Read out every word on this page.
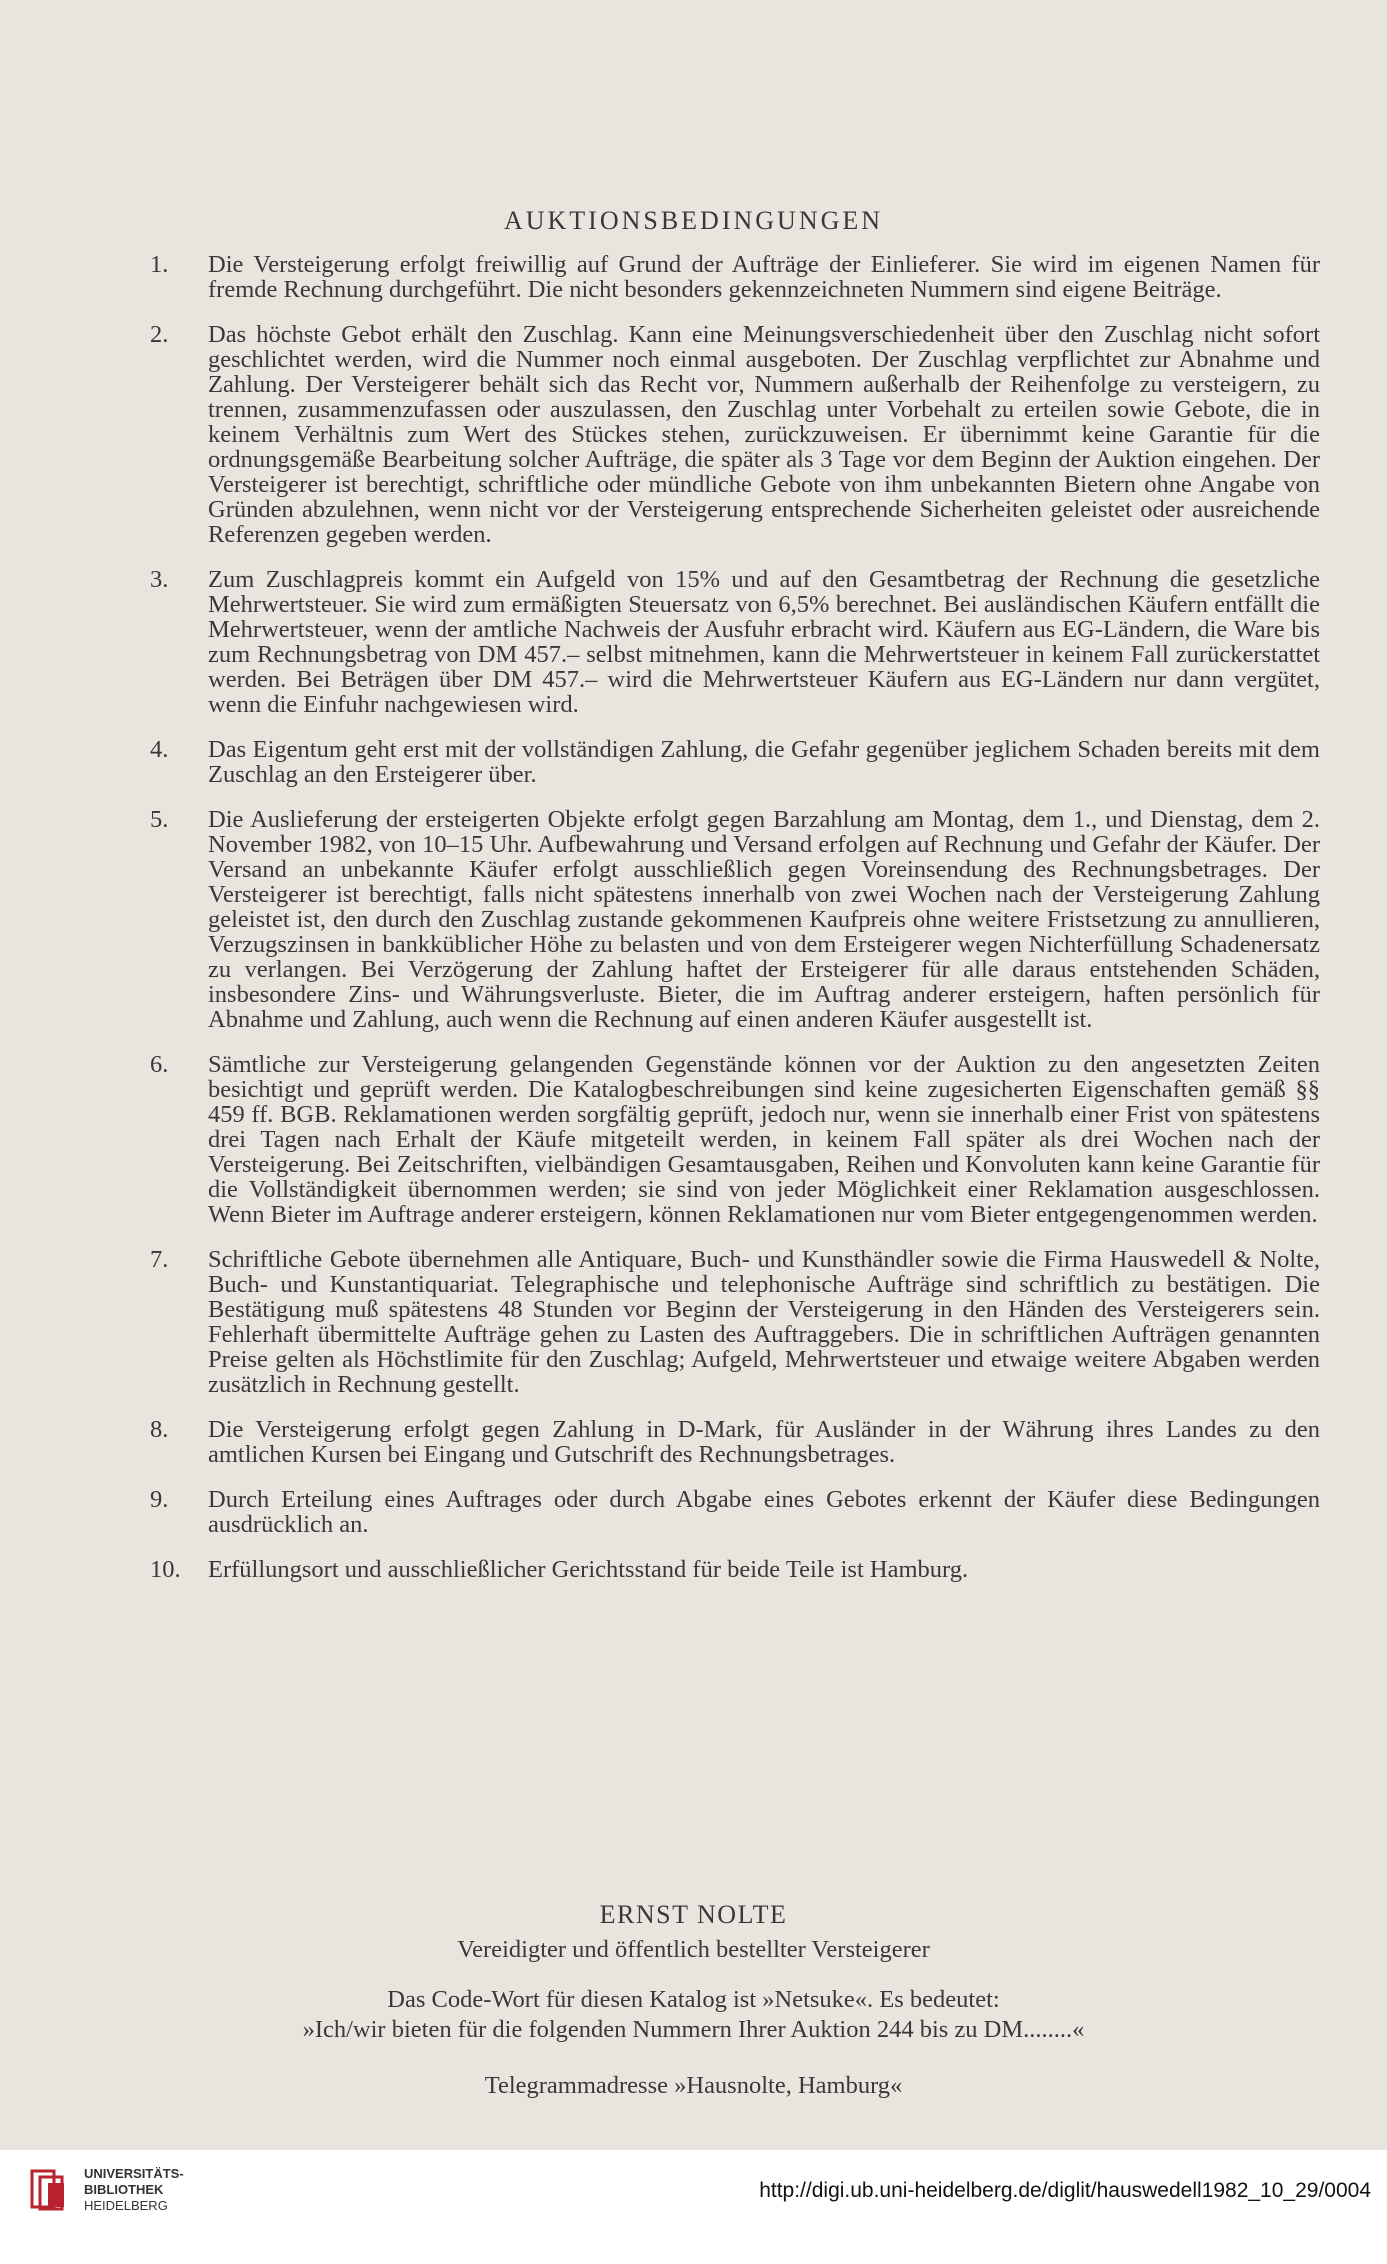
AUKTIONSBEDINGUNGEN
1.	Die Versteigerung erfolgt freiwillig auf Grund der Aufträge der Einlieferer. Sie wird im eigenen Namen für fremde Rechnung durchgeführt. Die nicht besonders gekennzeichneten Nummern sind eigene Beiträge.
2.	Das höchste Gebot erhält den Zuschlag. Kann eine Meinungsverschiedenheit über den Zuschlag nicht sofort geschlichtet werden, wird die Nummer noch einmal ausgeboten. Der Zuschlag verpflichtet zur Abnahme und Zahlung. Der Versteigerer behält sich das Recht vor, Nummern außerhalb der Reihenfolge zu versteigern, zu trennen, zusammenzufassen oder auszulassen, den Zuschlag unter Vorbehalt zu erteilen sowie Gebote, die in keinem Verhältnis zum Wert des Stückes stehen, zurückzuweisen. Er übernimmt keine Garantie für die ordnungsgemäße Bearbeitung solcher Aufträge, die später als 3 Tage vor dem Beginn der Auktion eingehen. Der Versteigerer ist berechtigt, schriftliche oder mündliche Gebote von ihm unbekannten Bietern ohne Angabe von Gründen abzulehnen, wenn nicht vor der Versteigerung entsprechende Sicherheiten geleistet oder ausreichende Referenzen gegeben werden.
3.	Zum Zuschlagpreis kommt ein Aufgeld von 15% und auf den Gesamtbetrag der Rechnung die gesetzliche Mehrwertsteuer. Sie wird zum ermäßigten Steuersatz von 6,5% berechnet. Bei ausländischen Käufern entfällt die Mehrwertsteuer, wenn der amtliche Nachweis der Ausfuhr erbracht wird. Käufern aus EG-Ländern, die Ware bis zum Rechnungsbetrag von DM 457.– selbst mitnehmen, kann die Mehrwertsteuer in keinem Fall zurückerstattet werden. Bei Beträgen über DM 457.– wird die Mehrwertsteuer Käufern aus EG-Ländern nur dann vergütet, wenn die Einfuhr nachgewiesen wird.
4.	Das Eigentum geht erst mit der vollständigen Zahlung, die Gefahr gegenüber jeglichem Schaden bereits mit dem Zuschlag an den Ersteigerer über.
5.	Die Auslieferung der ersteigerten Objekte erfolgt gegen Barzahlung am Montag, dem 1., und Dienstag, dem 2. November 1982, von 10–15 Uhr. Aufbewahrung und Versand erfolgen auf Rechnung und Gefahr der Käufer. Der Versand an unbekannte Käufer erfolgt ausschließlich gegen Voreinsendung des Rechnungsbetrages. Der Versteigerer ist berechtigt, falls nicht spätestens innerhalb von zwei Wochen nach der Versteigerung Zahlung geleistet ist, den durch den Zuschlag zustande gekommenen Kaufpreis ohne weitere Fristsetzung zu annullieren, Verzugszinsen in bankküblicher Höhe zu belasten und von dem Ersteigerer wegen Nichterfüllung Schadenersatz zu verlangen. Bei Verzögerung der Zahlung haftet der Ersteigerer für alle daraus entstehenden Schäden, insbesondere Zins- und Währungsverluste. Bieter, die im Auftrag anderer ersteigern, haften persönlich für Abnahme und Zahlung, auch wenn die Rechnung auf einen anderen Käufer ausgestellt ist.
6.	Sämtliche zur Versteigerung gelangenden Gegenstände können vor der Auktion zu den angesetzten Zeiten besichtigt und geprüft werden. Die Katalogbeschreibungen sind keine zugesicherten Eigenschaften gemäß §§ 459 ff. BGB. Reklamationen werden sorgfältig geprüft, jedoch nur, wenn sie innerhalb einer Frist von spätestens drei Tagen nach Erhalt der Käufe mitgeteilt werden, in keinem Fall später als drei Wochen nach der Versteigerung. Bei Zeitschriften, vielbändigen Gesamtausgaben, Reihen und Konvoluten kann keine Garantie für die Vollständigkeit übernommen werden; sie sind von jeder Möglichkeit einer Reklamation ausgeschlossen. Wenn Bieter im Auftrage anderer ersteigern, können Reklamationen nur vom Bieter entgegengenommen werden.
7.	Schriftliche Gebote übernehmen alle Antiquare, Buch- und Kunsthändler sowie die Firma Hauswedell & Nolte, Buch- und Kunstantiquariat. Telegraphische und telephonische Aufträge sind schriftlich zu bestätigen. Die Bestätigung muß spätestens 48 Stunden vor Beginn der Versteigerung in den Händen des Versteigerers sein. Fehlerhaft übermittelte Aufträge gehen zu Lasten des Auftraggebers. Die in schriftlichen Aufträgen genannten Preise gelten als Höchstlimite für den Zuschlag; Aufgeld, Mehrwertsteuer und etwaige weitere Abgaben werden zusätzlich in Rechnung gestellt.
8.	Die Versteigerung erfolgt gegen Zahlung in D-Mark, für Ausländer in der Währung ihres Landes zu den amtlichen Kursen bei Eingang und Gutschrift des Rechnungsbetrages.
9.	Durch Erteilung eines Auftrages oder durch Abgabe eines Gebotes erkennt der Käufer diese Bedingungen ausdrücklich an.
10.	Erfüllungsort und ausschließlicher Gerichtsstand für beide Teile ist Hamburg.
ERNST NOLTE
Vereidigter und öffentlich bestellter Versteigerer
Das Code-Wort für diesen Katalog ist »Netsuke«. Es bedeutet:
»Ich/wir bieten für die folgenden Nummern Ihrer Auktion 244 bis zu DM........«
Telegrammadresse »Hausnolte, Hamburg«
UNIVERSITÄTS-
BIBLIOTHEK
HEIDELBERG
http://digi.ub.uni-heidelberg.de/diglit/hauswedell1982_10_29/0004
